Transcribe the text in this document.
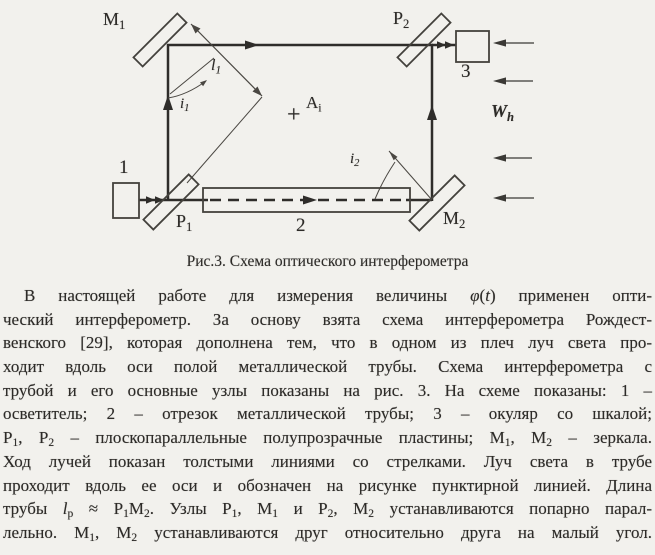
$М_1$	$P_2$
$P_1$	$М_2$
1
2
3
+ $A_i$
$l_1$
$i_1$
$i_2$
$W_h$
Рис.3. Схема оптического интерферометра
В настоящей работе для измерения величины φ(t) применен опти-
ческий интерферометр. За основу взята схема интерферометра Рождест-
венского [29], которая дополнена тем, что в одном из плеч луч света про-
ходит вдоль оси полой металлической трубы. Схема интерферометра с
трубой и его основные узлы показаны на рис. 3. На схеме показаны: 1 –
осветитель; 2 – отрезок металлической трубы; 3 – окуляр со шкалой;
$P_1$, $P_2$ – плоскопараллельные полупрозрачные пластины; $М_1$, $М_2$ – зеркала.
Ход лучей показан толстыми линиями со стрелками. Луч света в трубе
проходит вдоль ее оси и обозначен на рисунке пунктирной линией. Длина
трубы $l_p \approx P_1М_2$. Узлы $P_1$, $М_1$ и $P_2$, $М_2$ устанавливаются попарно парал-
лельно. $М_1$, $М_2$ устанавливаются друг относительно друга на малый угол.
